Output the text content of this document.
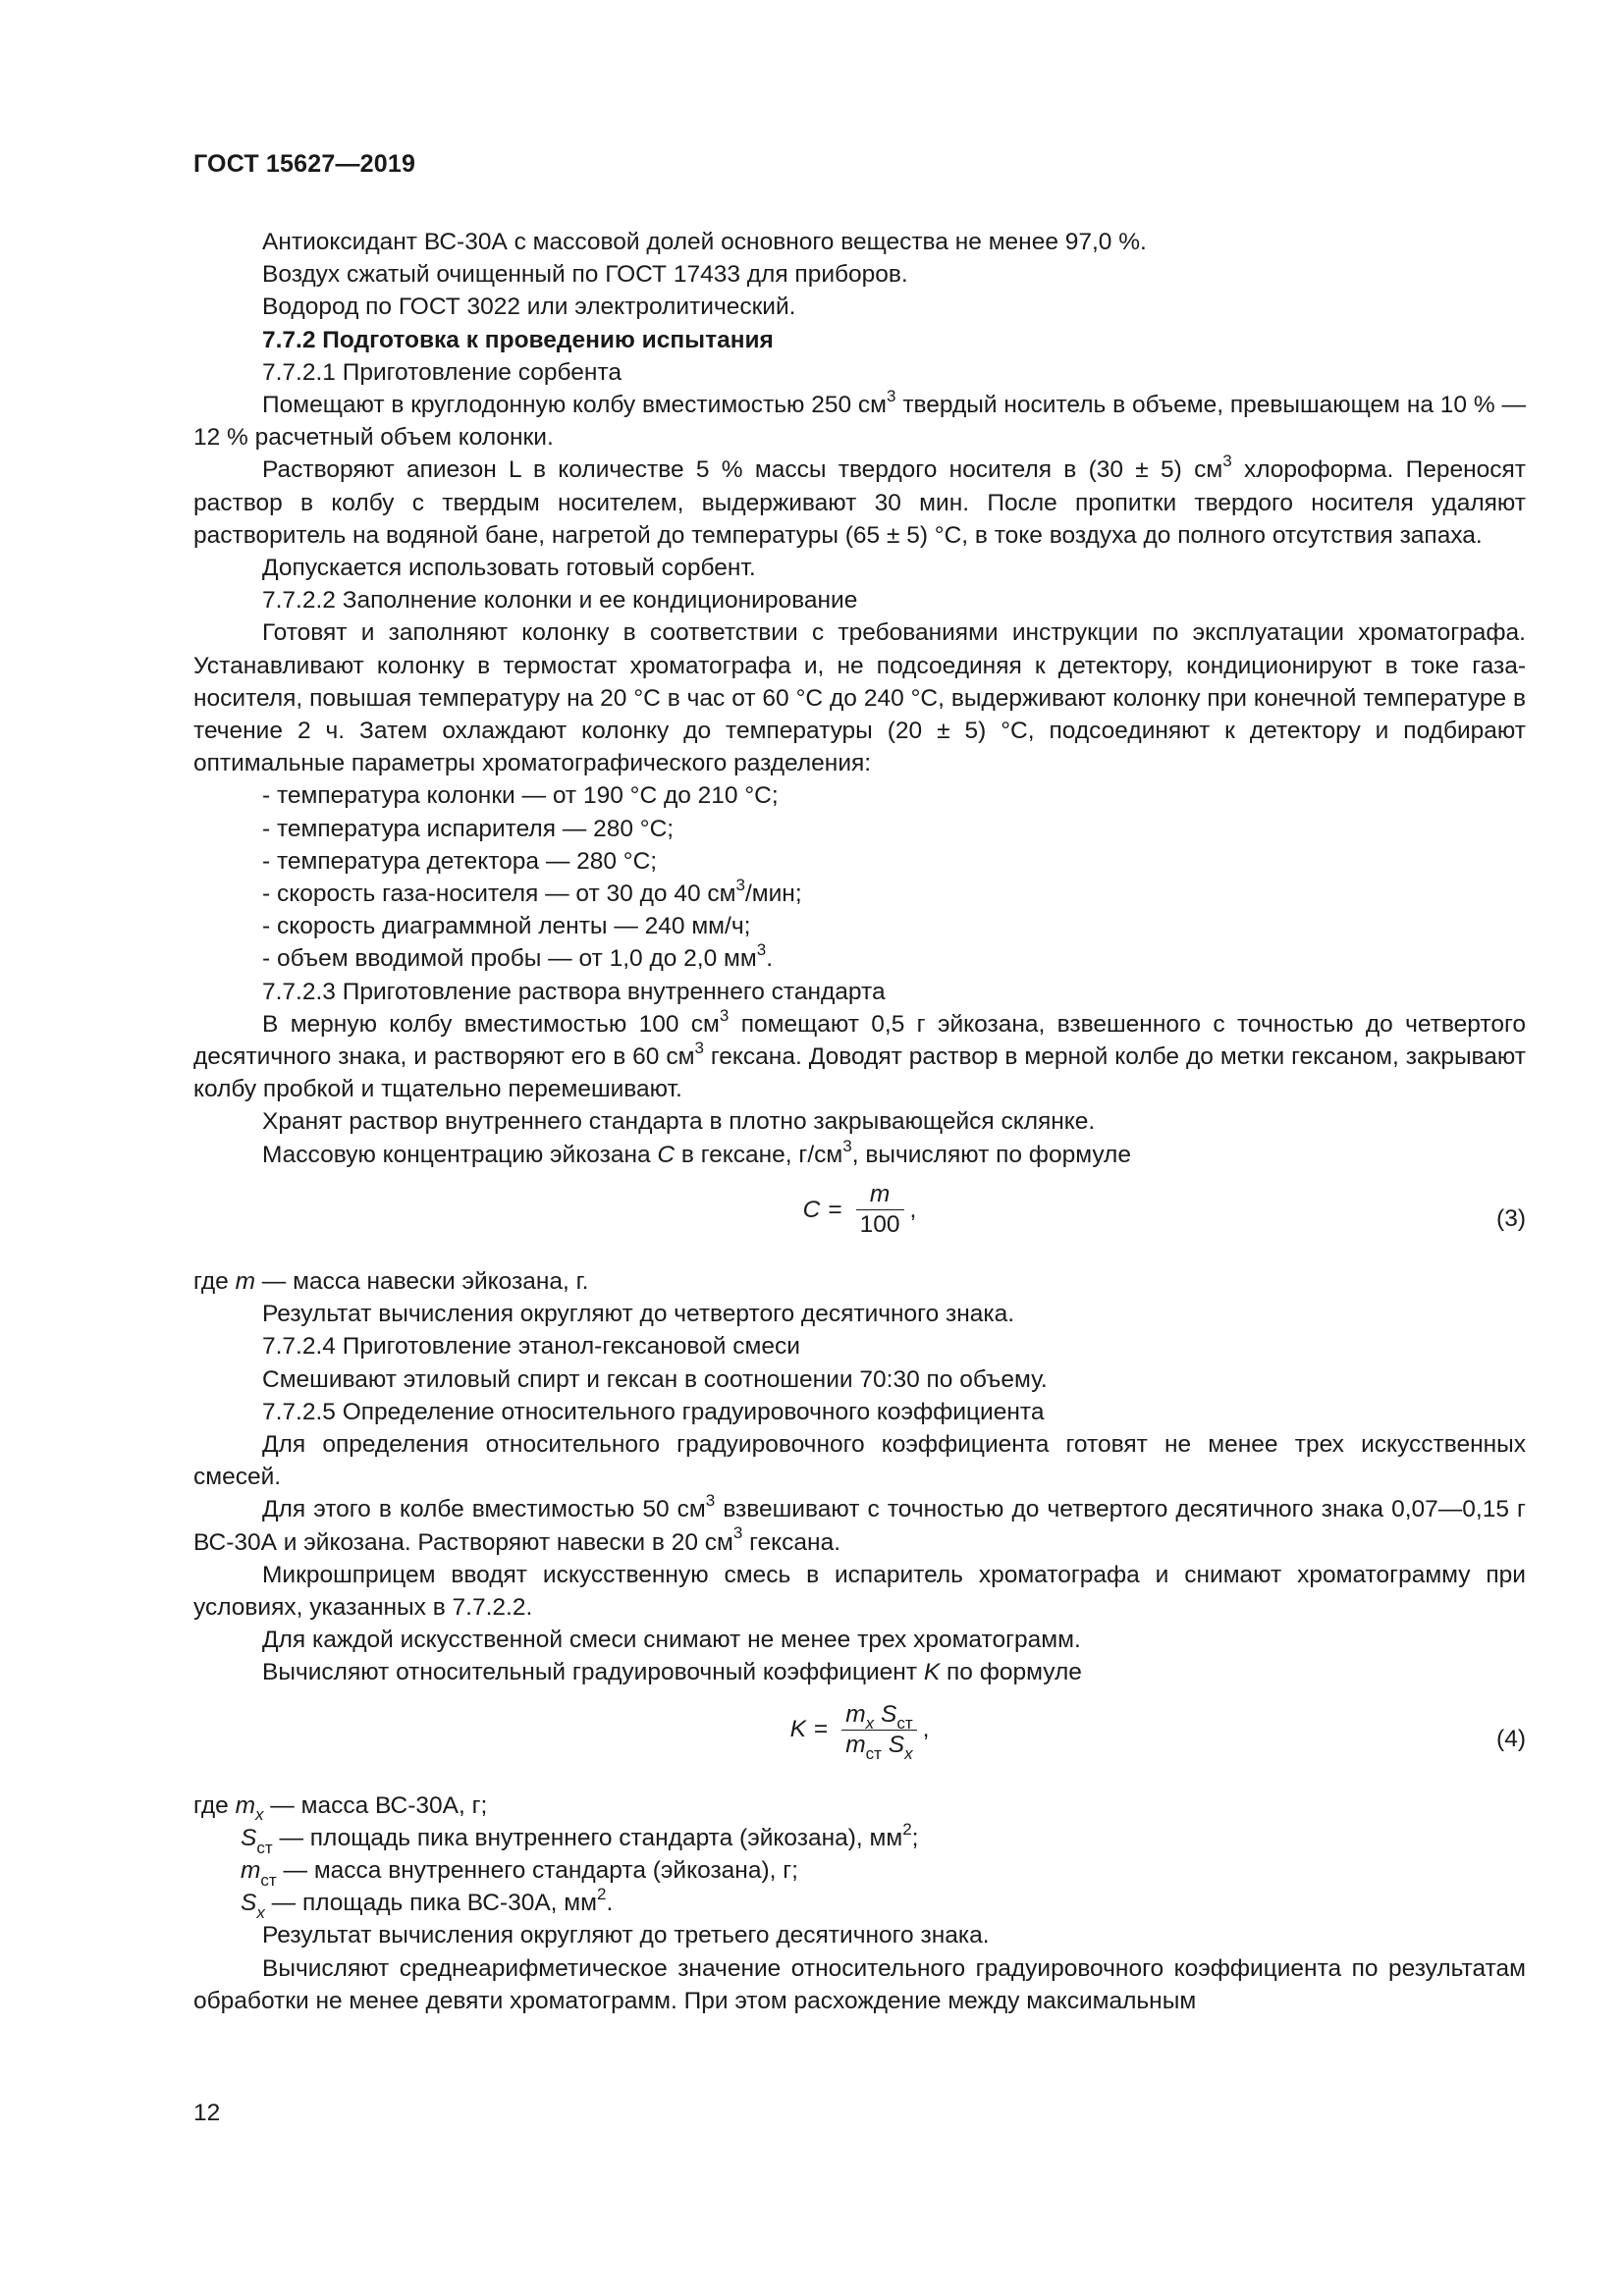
ГОСТ 15627—2019

Антиоксидант ВС-30А с массовой долей основного вещества не менее 97,0 %.

Воздух сжатый очищенный по ГОСТ 17433 для приборов.

Водород по ГОСТ 3022 или электролитический.

7.7.2 Подготовка к проведению испытания

7.7.2.1 Приготовление сорбента

Помещают в круглодонную колбу вместимостью 250 $см^3$ твердый носитель в объеме, превышающем на 10 % — 12 % расчетный объем колонки.

Растворяют апиезон L в количестве 5 % массы твердого носителя в (30 ± 5) $см^3$ хлороформа. Переносят раствор в колбу с твердым носителем, выдерживают 30 мин. После пропитки твердого носителя удаляют растворитель на водяной бане, нагретой до температуры (65 ± 5) °С, в токе воздуха до полного отсутствия запаха.

Допускается использовать готовый сорбент.

7.7.2.2 Заполнение колонки и ее кондиционирование

Готовят и заполняют колонку в соответствии с требованиями инструкции по эксплуатации хроматографа. Устанавливают колонку в термостат хроматографа и, не подсоединяя к детектору, кондиционируют в токе газа-носителя, повышая температуру на 20 °С в час от 60 °С до 240 °С, выдерживают колонку при конечной температуре в течение 2 ч. Затем охлаждают колонку до температуры (20 ± 5) °С, подсоединяют к детектору и подбирают оптимальные параметры хроматографического разделения:

- температура колонки — от 190 °С до 210 °С;

- температура испарителя — 280 °С;

- температура детектора — 280 °С;

- скорость газа-носителя — от 30 до 40 $см^3$/мин;

- скорость диаграммной ленты — 240 мм/ч;

- объем вводимой пробы — от 1,0 до 2,0 $мм^3$.

7.7.2.3 Приготовление раствора внутреннего стандарта

В мерную колбу вместимостью 100 $см^3$ помещают 0,5 г эйкозана, взвешенного с точностью до четвертого десятичного знака, и растворяют его в 60 $см^3$ гексана. Доводят раствор в мерной колбе до метки гексаном, закрывают колбу пробкой и тщательно перемешивают.

Хранят раствор внутреннего стандарта в плотно закрывающейся склянке.

Массовую концентрацию эйкозана C в гексане, $г/см^3$, вычисляют по формуле

$C = \frac{m}{100}$ ,	(3)

где m — масса навески эйкозана, г.

Результат вычисления округляют до четвертого десятичного знака.

7.7.2.4 Приготовление этанол-гексановой смеси

Смешивают этиловый спирт и гексан в соотношении 70:30 по объему.

7.7.2.5 Определение относительного градуировочного коэффициента

Для определения относительного градуировочного коэффициента готовят не менее трех искусственных смесей.

Для этого в колбе вместимостью 50 $см^3$ взвешивают с точностью до четвертого десятичного знака 0,07—0,15 г ВС-30А и эйкозана. Растворяют навески в 20 $см^3$ гексана.

Микрошприцем вводят искусственную смесь в испаритель хроматографа и снимают хроматограмму при условиях, указанных в 7.7.2.2.

Для каждой искусственной смеси снимают не менее трех хроматограмм.

Вычисляют относительный градуировочный коэффициент K по формуле

$K = \frac{m_x S_{ст}}{m_{ст} S_x}$ ,	(4)

где $m_x$ — масса ВС-30А, г;

$S_{ст}$ — площадь пика внутреннего стандарта (эйкозана), $мм^2$;

$m_{ст}$ — масса внутреннего стандарта (эйкозана), г;

$S_x$ — площадь пика ВС-30А, $мм^2$.

Результат вычисления округляют до третьего десятичного знака.

Вычисляют среднеарифметическое значение относительного градуировочного коэффициента по результатам обработки не менее девяти хроматограмм. При этом расхождение между максимальным

12
